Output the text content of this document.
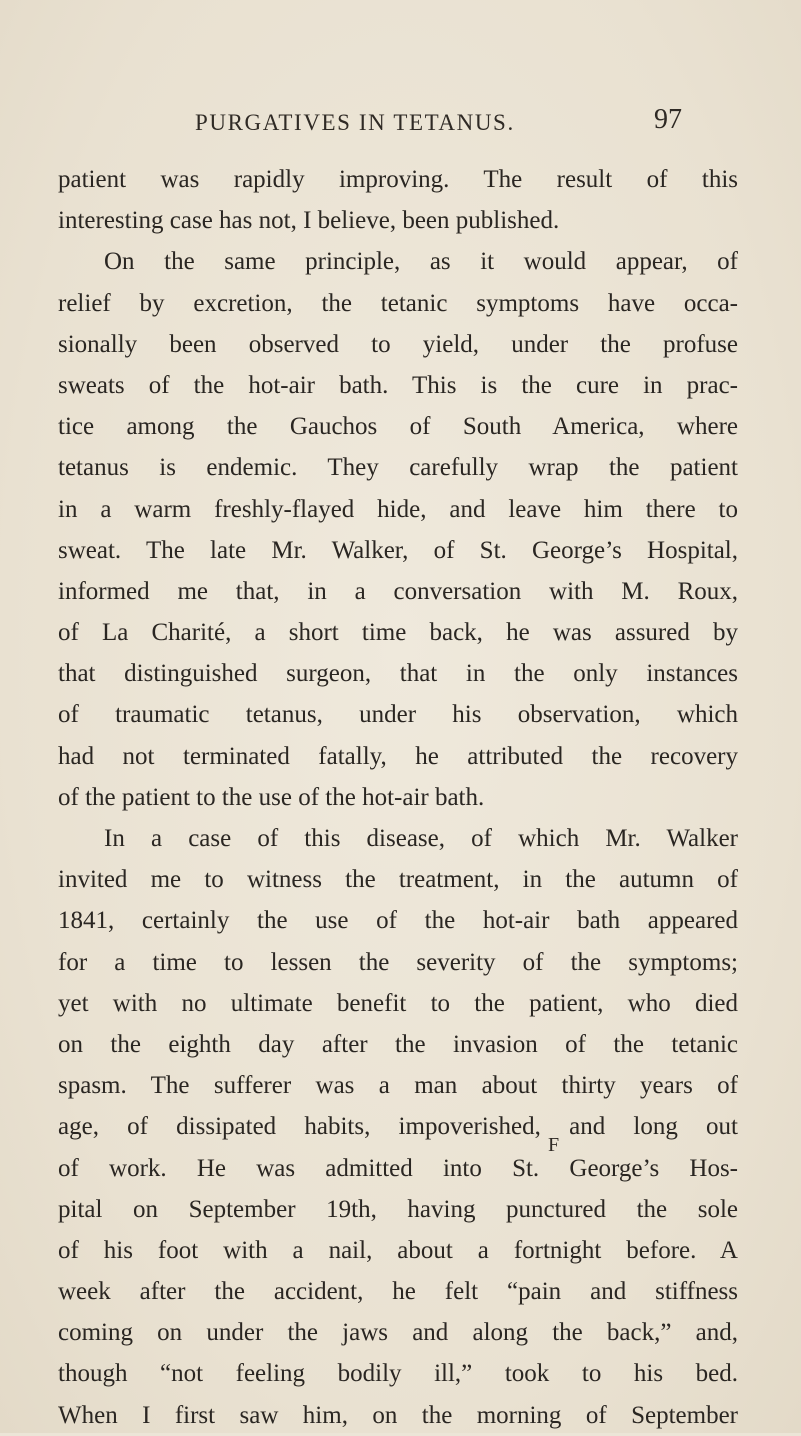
PURGATIVES IN TETANUS.	97
patient was rapidly improving. The result of this
interesting case has not, I believe, been published.
On the same principle, as it would appear, of
relief by excretion, the tetanic symptoms have occa-
sionally been observed to yield, under the profuse
sweats of the hot-air bath. This is the cure in prac-
tice among the Gauchos of South America, where
tetanus is endemic. They carefully wrap the patient
in a warm freshly-flayed hide, and leave him there to
sweat. The late Mr. Walker, of St. George’s Hospital,
informed me that, in a conversation with M. Roux,
of La Charité, a short time back, he was assured by
that distinguished surgeon, that in the only instances
of traumatic tetanus, under his observation, which
had not terminated fatally, he attributed the recovery
of the patient to the use of the hot-air bath.
In a case of this disease, of which Mr. Walker
invited me to witness the treatment, in the autumn of
1841, certainly the use of the hot-air bath appeared
for a time to lessen the severity of the symptoms;
yet with no ultimate benefit to the patient, who died
on the eighth day after the invasion of the tetanic
spasm. The sufferer was a man about thirty years of
age, of dissipated habits, impoverished, and long out
of work. He was admitted into St. George’s Hos-
pital on September 19th, having punctured the sole
of his foot with a nail, about a fortnight before. A
week after the accident, he felt “pain and stiffness
coming on under the jaws and along the back,” and,
though “not feeling bodily ill,” took to his bed.
When I first saw him, on the morning of September
F
